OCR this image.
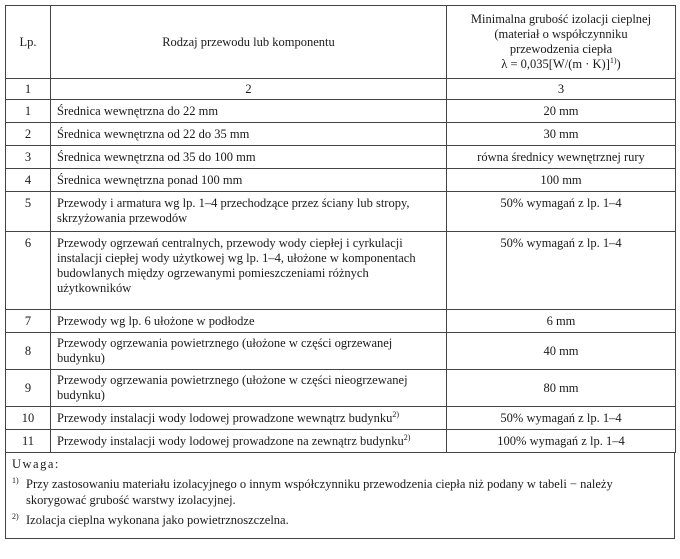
Lp.	Rodzaj przewodu lub komponentu	Minimalna grubość izolacji cieplnej
(materiał o współczynniku
przewodzenia ciepła
$\lambda = 0,035[W/(m \cdot K)]^{1)}$)

1	2	3
1	Średnica wewnętrzna do 22 mm	20 mm
2	Średnica wewnętrzna od 22 do 35 mm	30 mm
3	Średnica wewnętrzna od 35 do 100 mm	równa średnicy wewnętrznej rury
4	Średnica wewnętrzna ponad 100 mm	100 mm
5	Przewody i armatura wg lp. 1–4 przechodzące przez ściany lub stropy, skrzyżowania przewodów	50% wymagań z lp. 1–4
6	Przewody ogrzewań centralnych, przewody wody ciepłej i cyrkulacji instalacji ciepłej wody użytkowej wg lp. 1–4, ułożone w komponentach budowlanych między ogrzewanymi pomieszczeniami różnych użytkowników	50% wymagań z lp. 1–4
7	Przewody wg lp. 6 ułożone w podłodze	6 mm
8	Przewody ogrzewania powietrznego (ułożone w części ogrzewanej budynku)	40 mm
9	Przewody ogrzewania powietrznego (ułożone w części nieogrzewanej budynku)	80 mm
10	Przewody instalacji wody lodowej prowadzone wewnątrz budynku$^{2)}$	50% wymagań z lp. 1–4
11	Przewody instalacji wody lodowej prowadzone na zewnątrz budynku$^{2)}$	100% wymagań z lp. 1–4
Uwaga:
1) Przy zastosowaniu materiału izolacyjnego o innym współczynniku przewodzenia ciepła niż podany w tabeli − należy skorygować grubość warstwy izolacyjnej.
2) Izolacja cieplna wykonana jako powietrznoszczelna.
